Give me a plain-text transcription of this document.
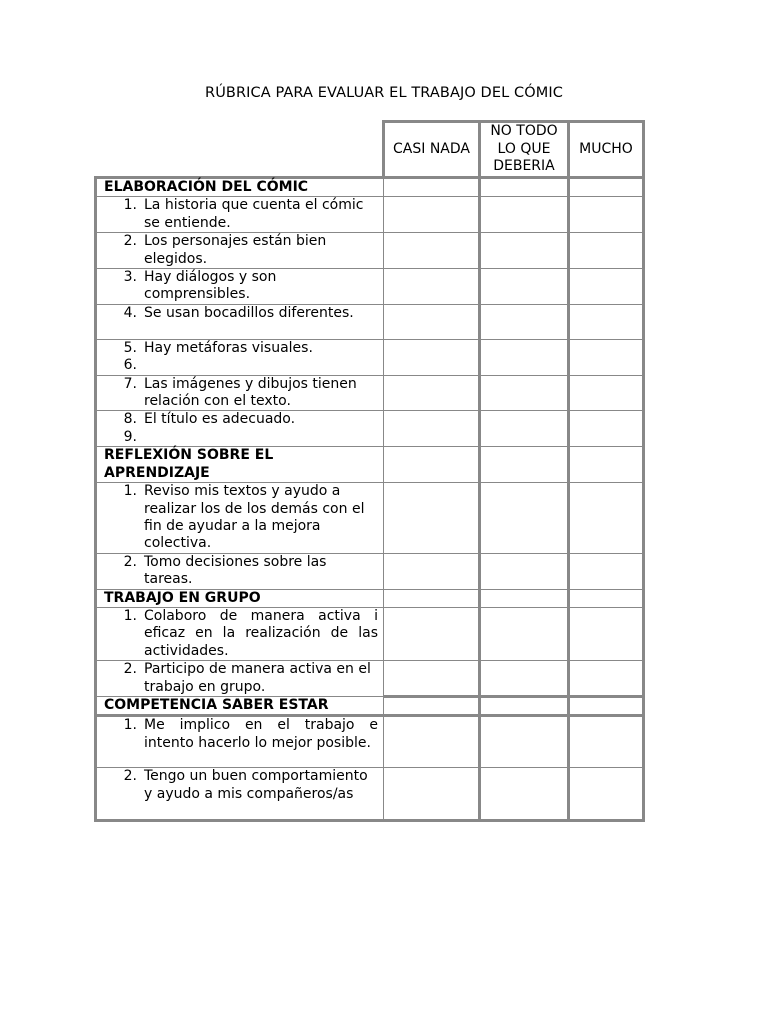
RÚBRICA PARA EVALUAR EL TRABAJO DEL CÓMIC
	CASI NADA	NO TODO LO QUE DEBERIA	MUCHO
ELABORACIÓN DEL CÓMIC			

1. La historia que cuenta el cómic se entiende.			

2. Los personajes están bien elegidos.			

3. Hay diálogos y son comprensibles.			

4. Se usan bocadillos diferentes.			

5. Hay metáforas visuales.
6.			

7. Las imágenes y dibujos tienen relación con el texto.			

8. El título es adecuado.
9.			

REFLEXIÓN SOBRE EL APRENDIZAJE			

1. Reviso mis textos y ayudo a realizar los de los demás con el fin de ayudar a la mejora colectiva.			

2. Tomo decisiones sobre las tareas.			

TRABAJO EN GRUPO			

1. Colaboro de manera activa i eficaz en la realización de las actividades.			

2. Participo de manera activa en el trabajo en grupo.			

COMPETENCIA SABER ESTAR			

1. Me implico en el trabajo e intento hacerlo lo mejor posible.			

2. Tengo un buen comportamiento y ayudo a mis compañeros/as			
